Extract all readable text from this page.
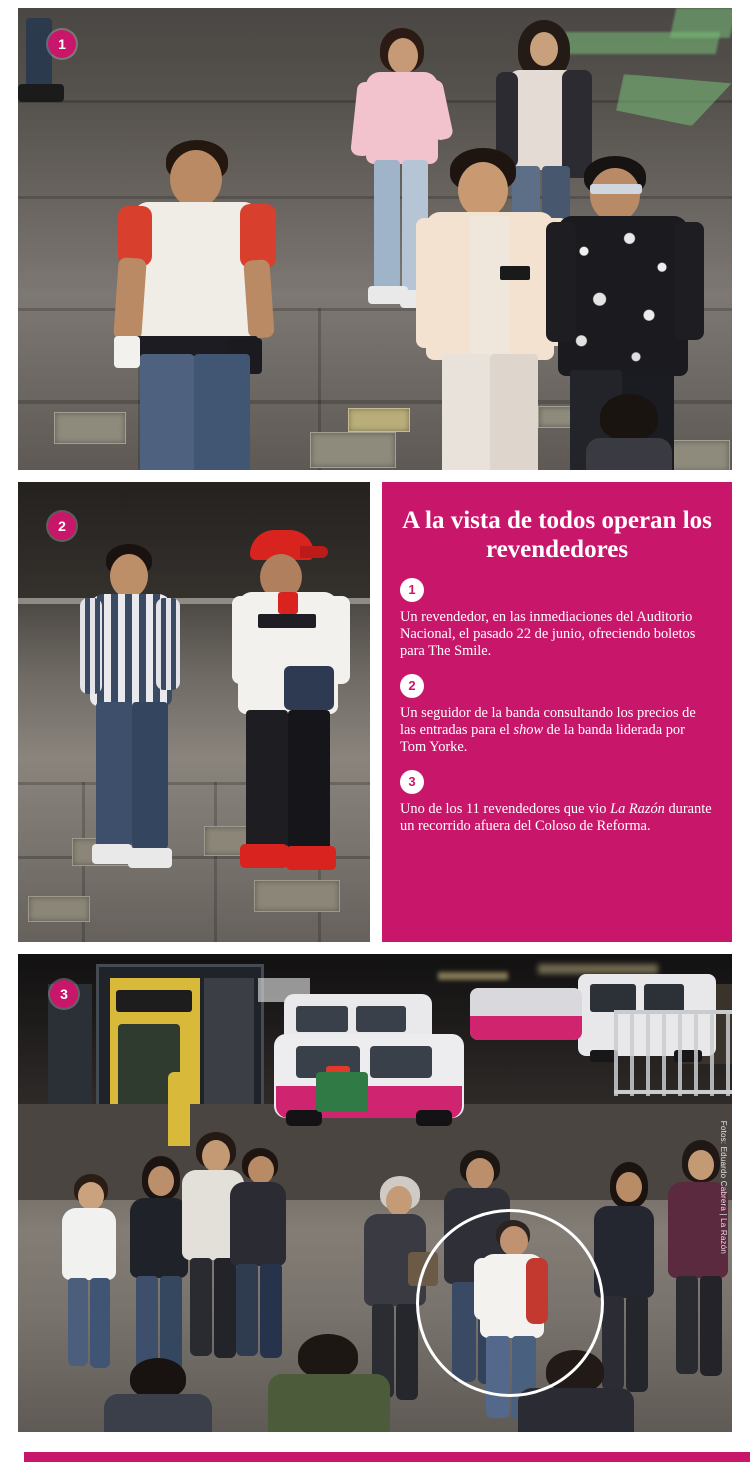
1
2	A la vista de todos operan los revendedores
1
Un revendedor, en las inmediaciones del Auditorio Nacional, el pasado 22 de junio, ofreciendo boletos para The Smile.
2
Un seguidor de la banda consultando los precios de las entradas para el show de la banda liderada por Tom Yorke.
3
Uno de los 11 revendedores que vio La Razón durante un recorrido afuera del Coloso de Reforma.
3
Fotos: Eduardo Cabrera | La Razón
